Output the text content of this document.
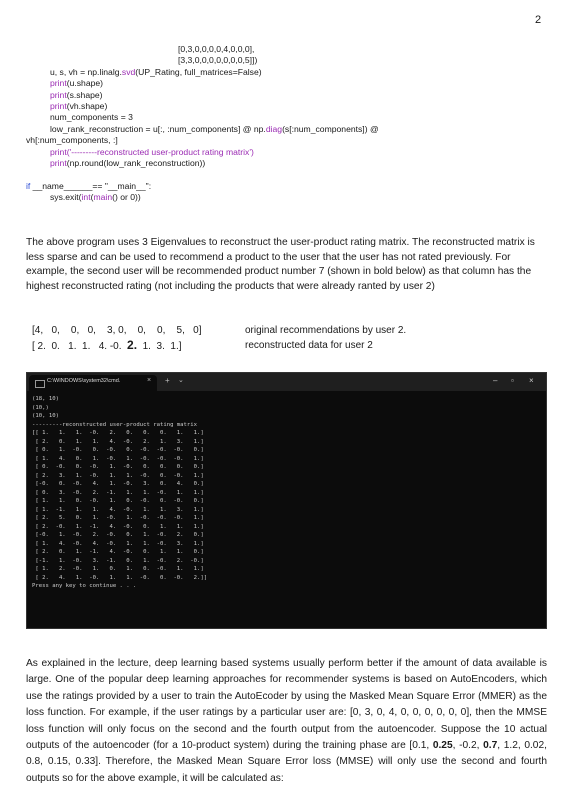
2
[0,3,0,0,0,0,4,0,0,0],
[3,3,0,0,0,0,0,0,0,5]])
u, s, vh = np.linalg.svd(UP_Rating, full_matrices=False)
print(u.shape)
print(s.shape)
print(vh.shape)
num_components = 3
low_rank_reconstruction = u[:, :num_components] @ np.diag(s[:num_components]) @
vh[:num_components, :]
print('---------reconstructed user-product rating matrix')
print(np.round(low_rank_reconstruction))
if __name______== "__main__":
sys.exit(int(main() or 0))
The above program uses 3 Eigenvalues to reconstruct the user-product rating matrix. The reconstructed matrix is less sparse and can be used to recommend a product to the user that the user has not rated previously. For example, the second user will be recommended product number 7 (shown in bold below) as that column has the highest reconstructed rating (not including the products that were already ranted by user 2)
[4,   0,    0,   0,    3, 0,    0,    0,    5,   0]	original recommendations by user 2.
[ 2.  0.   1.  1.   4. -0.  2.  1.  3.  1.]	reconstructed data for user 2
C:\WINDOWS\system32\cmd.	× + ⌄	– ▫ ×
(18, 10)
(10,)
(10, 10)
---------reconstructed user-product rating matrix
[[ 1.   1.   1.  -0.   2.   0.   0.   0.   1.   1.]
[ 2.   0.   1.   1.   4.  -0.   2.   1.   3.   1.]
[ 0.   1.  -0.   0.  -0.   0.  -0.  -0.  -0.   0.]
[ 1.   4.   0.   1.  -0.   1.  -0.  -0.  -0.   1.]
[ 0.  -0.   0.  -0.   1.  -0.   0.   0.   0.   0.]
[ 2.   3.   1.  -0.   1.   1.  -0.   0.  -0.   1.]
[-0.   0.  -0.   4.   1.  -0.   3.   0.   4.   0.]
[ 0.   3.  -0.   2.  -1.   1.   1.  -0.   1.   1.]
[ 1.   1.   0.  -0.   1.   0.  -0.   0.  -0.   0.]
[ 1.  -1.   1.   1.   4.  -0.   1.   1.   3.   1.]
[ 2.   5.   0.   1.  -0.   1.  -0.  -0.  -0.   1.]
[ 2.  -0.   1.  -1.   4.  -0.   0.   1.   1.   1.]
[-0.   1.  -0.   2.  -0.   0.   1.  -0.   2.   0.]
[ 1.   4.  -0.   4.  -0.   1.   1.  -0.   3.   1.]
[ 2.   0.   1.  -1.   4.  -0.   0.   1.   1.   0.]
[-1.   1.  -0.   3.  -1.   0.   1.  -0.   2.  -0.]
[ 1.   2.  -0.   1.   0.   1.   0.  -0.   1.   1.]
[ 2.   4.   1.  -0.   1.   1.  -0.   0.  -0.   2.]]
Press any key to continue . . .
As explained in the lecture, deep learning based systems usually perform better if the amount of data available is large. One of the popular deep learning approaches for recommender systems is based on AutoEncoders, which use the ratings provided by a user to train the AutoEcoder by using the Masked Mean Square Error (MMER) as the loss function. For example, if the user ratings by a particular user are: [0, 3, 0, 4, 0, 0, 0, 0, 0, 0], then the MMSE loss function will only focus on the second and the fourth output from the autoencoder. Suppose the 10 actual outputs of the autoencoder (for a 10-product system) during the training phase are [0.1, 0.25, -0.2, 0.7, 1.2, 0.02, 0.8, 0.15, 0.33]. Therefore, the Masked Mean Square Error loss (MMSE) will only use the second and fourth outputs so for the above example, it will be calculated as:
